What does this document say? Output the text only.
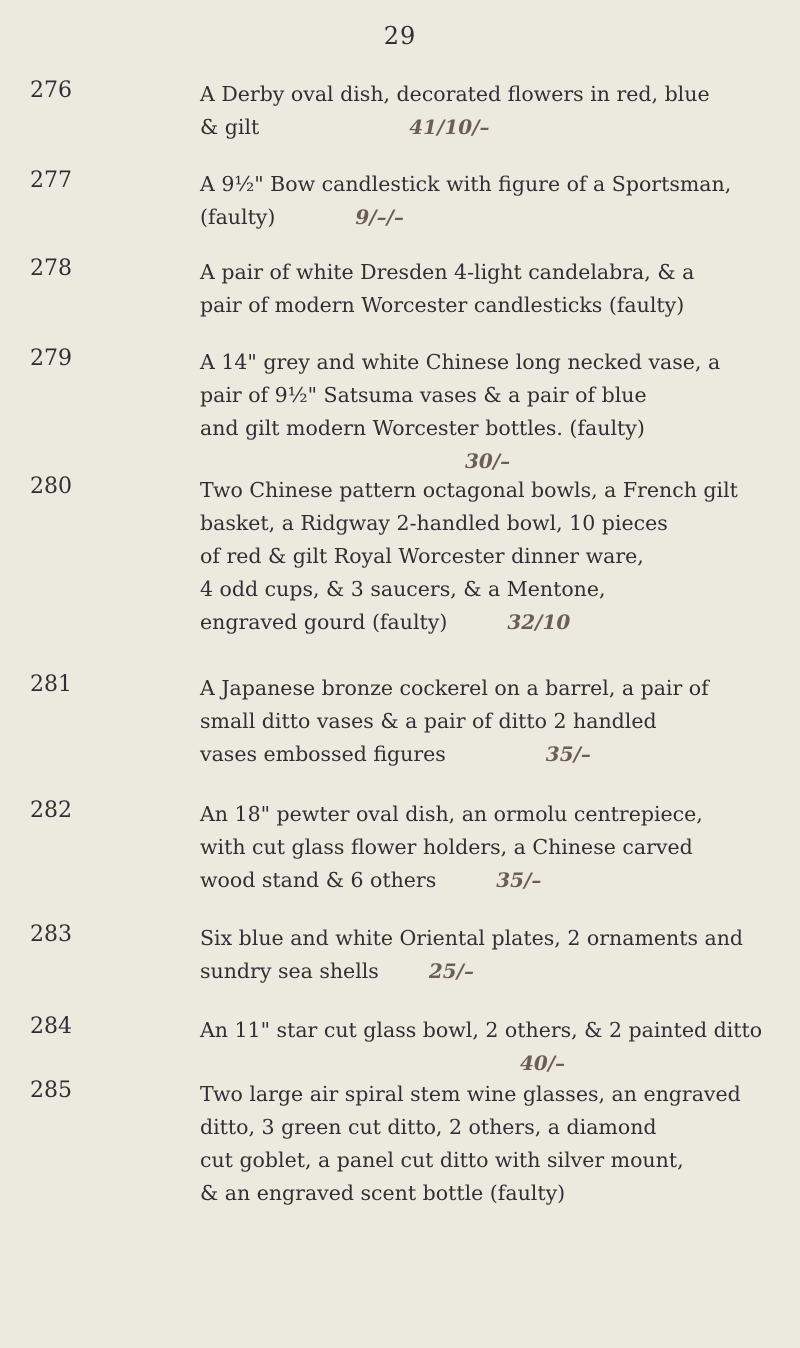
29
276	A Derby oval dish, decorated flowers in red, blue
& gilt	41/10/–
277	A 9½" Bow candlestick with figure of a Sportsman,
(faulty)	9/–/–
278	A pair of white Dresden 4-light candelabra, & a
pair of modern Worcester candlesticks (faulty)
279	A 14" grey and white Chinese long necked vase, a
pair of 9½" Satsuma vases & a pair of blue
and gilt modern Worcester bottles. (faulty)
30/–
280	Two Chinese pattern octagonal bowls, a French gilt
basket, a Ridgway 2-handled bowl, 10 pieces
of red & gilt Royal Worcester dinner ware,
4 odd cups, & 3 saucers, & a Mentone,
engraved gourd (faulty)	32/10
281	A Japanese bronze cockerel on a barrel, a pair of
small ditto vases & a pair of ditto 2 handled
vases embossed figures	35/–
282	An 18" pewter oval dish, an ormolu centrepiece,
with cut glass flower holders, a Chinese carved
wood stand & 6 others	35/–
283	Six blue and white Oriental plates, 2 ornaments and
sundry sea shells	25/–
284	An 11" star cut glass bowl, 2 others, & 2 painted ditto
40/–
285	Two large air spiral stem wine glasses, an engraved
ditto, 3 green cut ditto, 2 others, a diamond
cut goblet, a panel cut ditto with silver mount,
& an engraved scent bottle (faulty)
